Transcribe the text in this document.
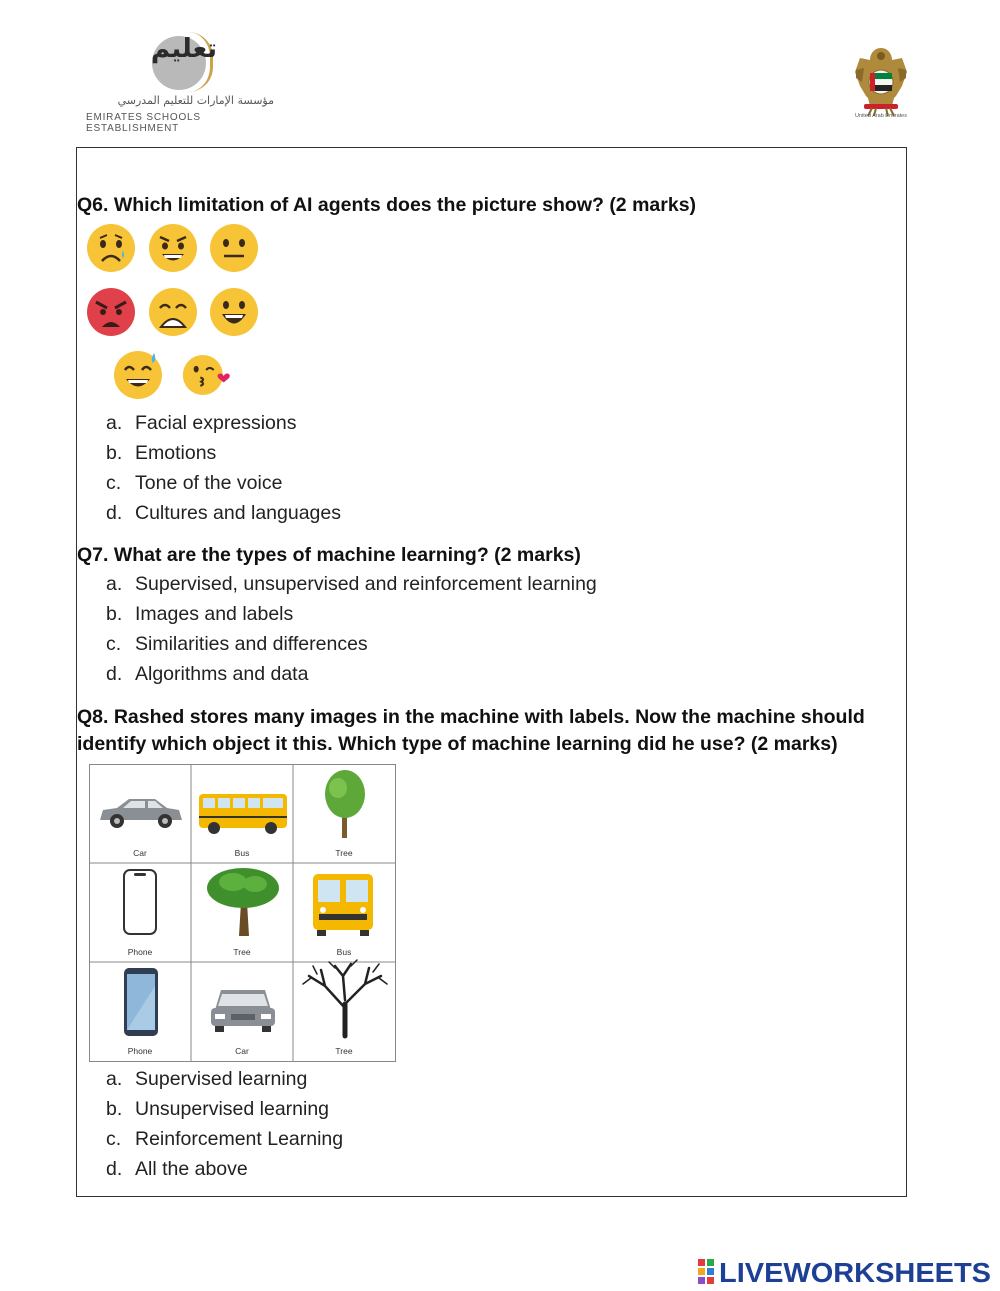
تعليم
مؤسسة الإمارات للتعليم المدرسي
EMIRATES SCHOOLS ESTABLISHMENT
United Arab Emirates
Q6. Which limitation of AI agents does the picture show? (2 marks)
a. Facial expressions
b. Emotions
c. Tone of the voice
d. Cultures and languages
Q7. What are the types of machine learning? (2 marks)
a. Supervised, unsupervised and reinforcement learning
b. Images and labels
c. Similarities and differences
d. Algorithms and data
Q8. Rashed stores many images in the machine with labels. Now the machine should identify which object it this. Which type of machine learning did he use? (2 marks)
Car	Bus	Tree
Phone	Tree	Bus
Phone	Car	Tree
a. Supervised learning
b. Unsupervised learning
c. Reinforcement Learning
d. All the above
LIVEWORKSHEETS
